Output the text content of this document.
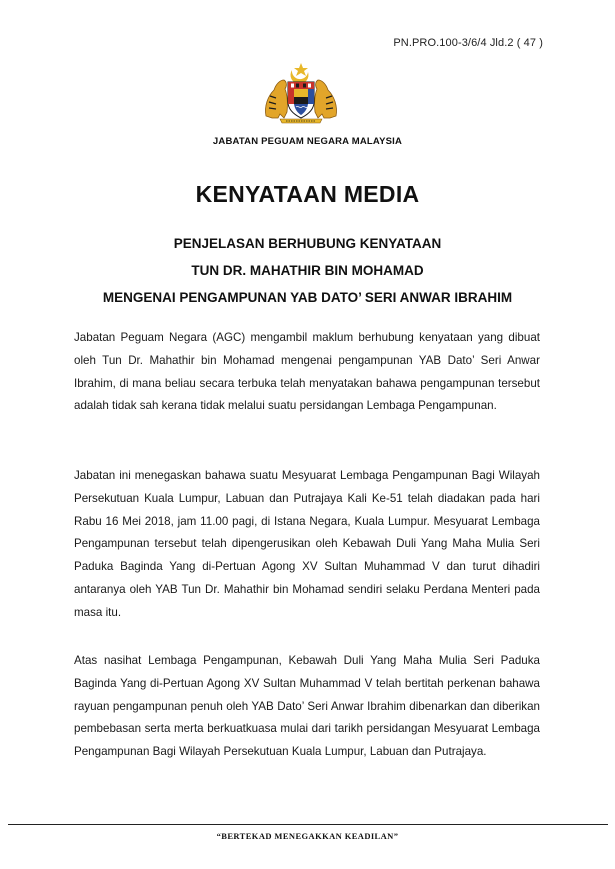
PN.PRO.100-3/6/4 Jld.2 ( 47 )
JABATAN PEGUAM NEGARA MALAYSIA
KENYATAAN MEDIA
PENJELASAN BERHUBUNG KENYATAAN
TUN DR. MAHATHIR BIN MOHAMAD
MENGENAI PENGAMPUNAN YAB DATO’ SERI ANWAR IBRAHIM

Jabatan Peguam Negara (AGC) mengambil maklum berhubung kenyataan yang dibuat oleh Tun Dr. Mahathir bin Mohamad mengenai pengampunan YAB Dato’ Seri Anwar Ibrahim, di mana beliau secara terbuka telah menyatakan bahawa pengampunan tersebut adalah tidak sah kerana tidak melalui suatu persidangan Lembaga Pengampunan.

Jabatan ini menegaskan bahawa suatu Mesyuarat Lembaga Pengampunan Bagi Wilayah Persekutuan Kuala Lumpur, Labuan dan Putrajaya Kali Ke-51 telah diadakan pada hari Rabu 16 Mei 2018, jam 11.00 pagi, di Istana Negara, Kuala Lumpur. Mesyuarat Lembaga Pengampunan tersebut telah dipengerusikan oleh Kebawah Duli Yang Maha Mulia Seri Paduka Baginda Yang di-Pertuan Agong XV Sultan Muhammad V dan turut dihadiri antaranya oleh YAB Tun Dr. Mahathir bin Mohamad sendiri selaku Perdana Menteri pada masa itu.

Atas nasihat Lembaga Pengampunan, Kebawah Duli Yang Maha Mulia Seri Paduka Baginda Yang di-Pertuan Agong XV Sultan Muhammad V telah bertitah perkenan bahawa rayuan pengampunan penuh oleh YAB Dato’ Seri Anwar Ibrahim dibenarkan dan diberikan pembebasan serta merta berkuatkuasa mulai dari tarikh persidangan Mesyuarat Lembaga Pengampunan Bagi Wilayah Persekutuan Kuala Lumpur, Labuan dan Putrajaya.

“BERTEKAD MENEGAKKAN KEADILAN”
